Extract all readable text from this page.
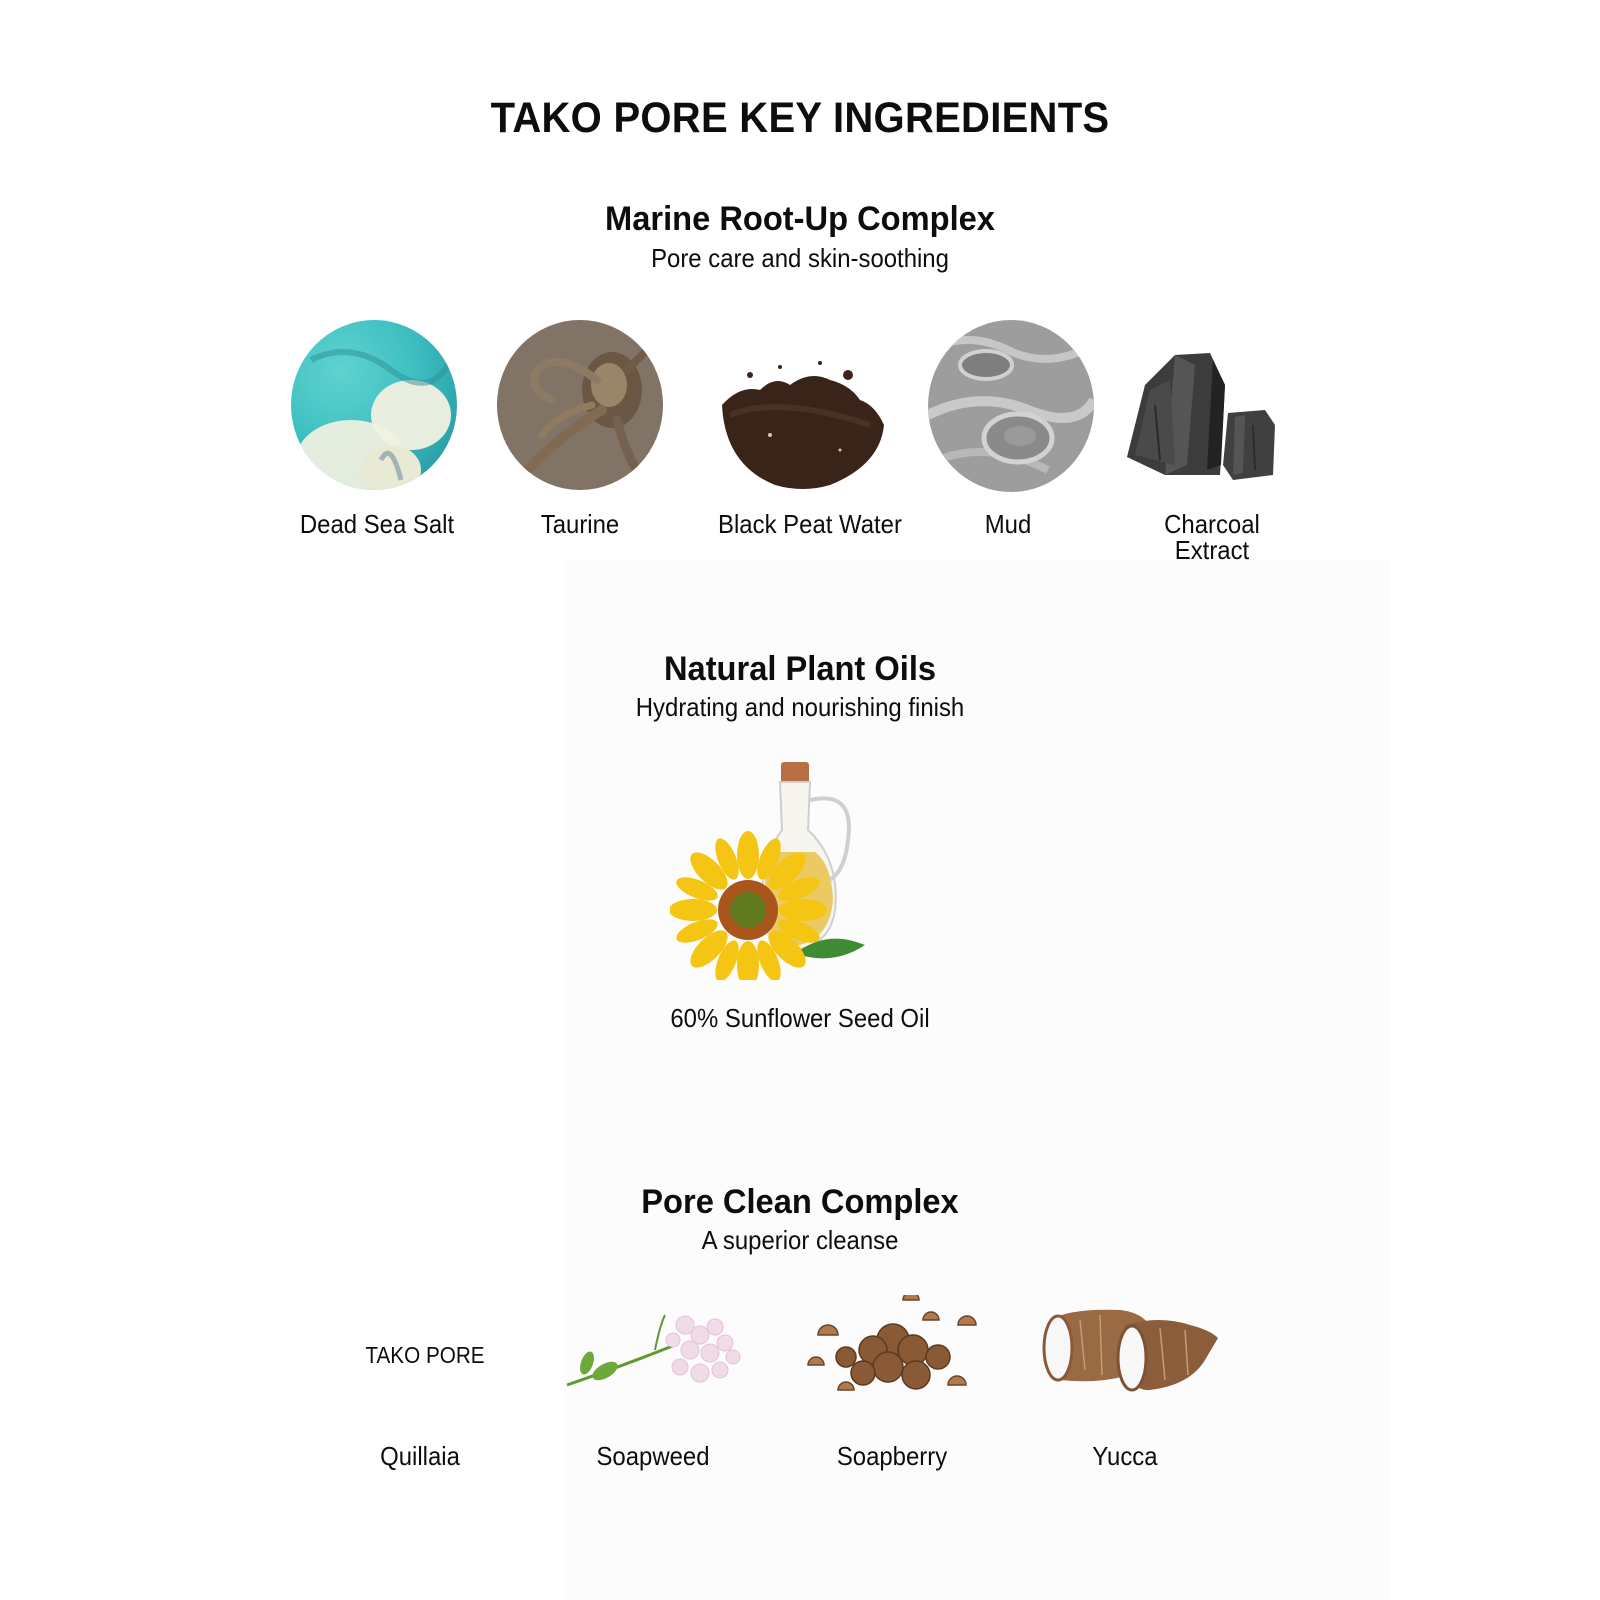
TAKO PORE KEY INGREDIENTS
Marine Root-Up Complex
Pore care and skin-soothing
Dead Sea Salt	Taurine	Black Peat Water	Mud	Charcoal
Extract
Natural Plant Oils
Hydrating and nourishing finish
60% Sunflower Seed Oil
Pore Clean Complex
A superior cleanse
TAKO PORE
Quillaia	Soapweed	Soapberry	Yucca
